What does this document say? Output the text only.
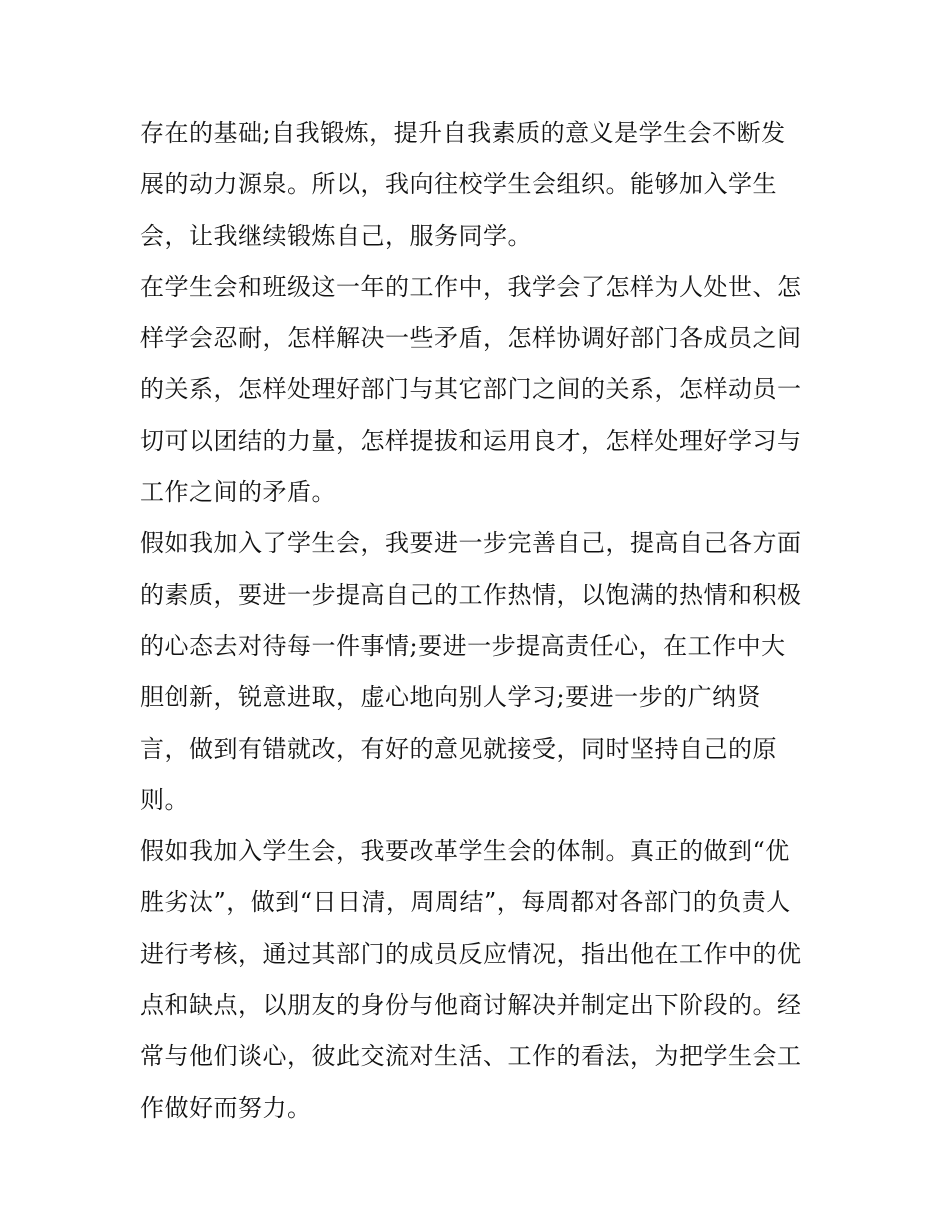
存在的基础;自我锻炼，提升自我素质的意义是学生会不断发
展的动力源泉。所以，我向往校学生会组织。能够加入学生
会，让我继续锻炼自己，服务同学。
在学生会和班级这一年的工作中，我学会了怎样为人处世、怎
样学会忍耐，怎样解决一些矛盾，怎样协调好部门各成员之间
的关系，怎样处理好部门与其它部门之间的关系，怎样动员一
切可以团结的力量，怎样提拔和运用良才，怎样处理好学习与
工作之间的矛盾。
假如我加入了学生会，我要进一步完善自己，提高自己各方面
的素质，要进一步提高自己的工作热情，以饱满的热情和积极
的心态去对待每一件事情;要进一步提高责任心，在工作中大
胆创新，锐意进取，虚心地向别人学习;要进一步的广纳贤
言，做到有错就改，有好的意见就接受，同时坚持自己的原
则。
假如我加入学生会，我要改革学生会的体制。真正的做到“优
胜劣汰”，做到“日日清，周周结”，每周都对各部门的负责人
进行考核，通过其部门的成员反应情况，指出他在工作中的优
点和缺点，以朋友的身份与他商讨解决并制定出下阶段的。经
常与他们谈心，彼此交流对生活、工作的看法，为把学生会工
作做好而努力。
